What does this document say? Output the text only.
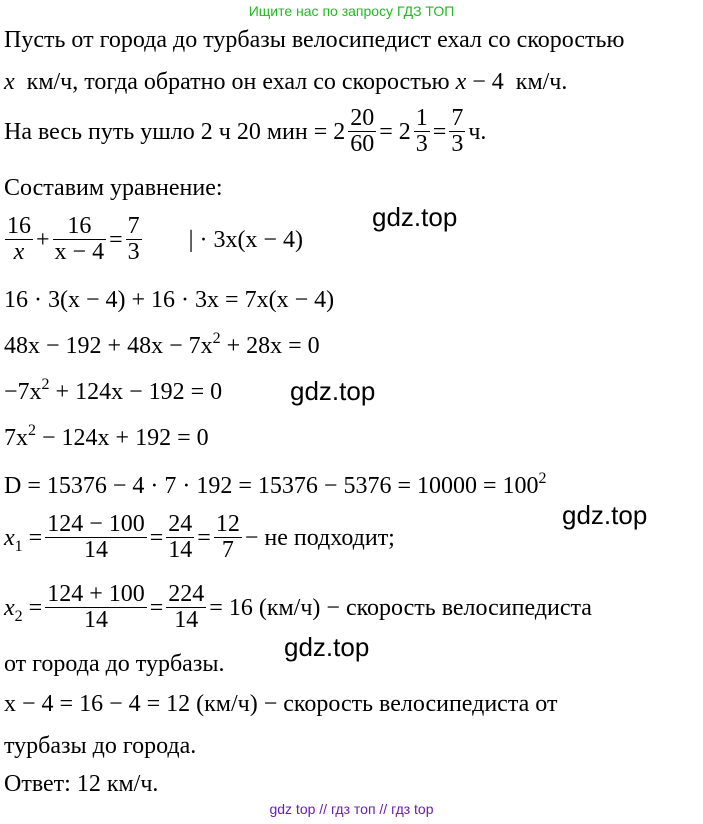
Ищите нас по запросу ГДЗ ТОП
Пусть от города до турбазы велосипедист ехал со скоростью
x км/ч, тогда обратно он ехал со скоростью x − 4 км/ч.
На весь путь ушло 2 ч 20 мин = $2 \frac{20}{60} = 2 \frac{1}{3} = \frac{7}{3} ч$.
Составим уравнение:
$\frac{16}{x} + \frac{16}{x - 4} = \frac{7}{3}$ | · 3x(x − 4)
gdz.top
16 · 3(x − 4) + 16 · 3x = 7x(x − 4)
$48x - 192 + 48x - 7x^2 + 28x = 0$
$-7x^2 + 124x - 192 = 0$	gdz.top
$7x^2 - 124x + 192 = 0$
$D = 15376 - 4 \cdot 7 \cdot 192 = 15376 - 5376 = 10000 = 100^2$
gdz.top
$x_1 = \frac{124 - 100}{14} = \frac{24}{14} = \frac{12}{7}$ − не подходит;
$x_2 = \frac{124 + 100}{14} = \frac{224}{14} = 16$ (км/ч) − скорость велосипедиста
gdz.top
от города до турбазы.
x − 4 = 16 − 4 = 12 (км/ч) − скорость велосипедиста от
турбазы до города.
Ответ: 12 км/ч.
gdz top // гдз топ // гдз top
